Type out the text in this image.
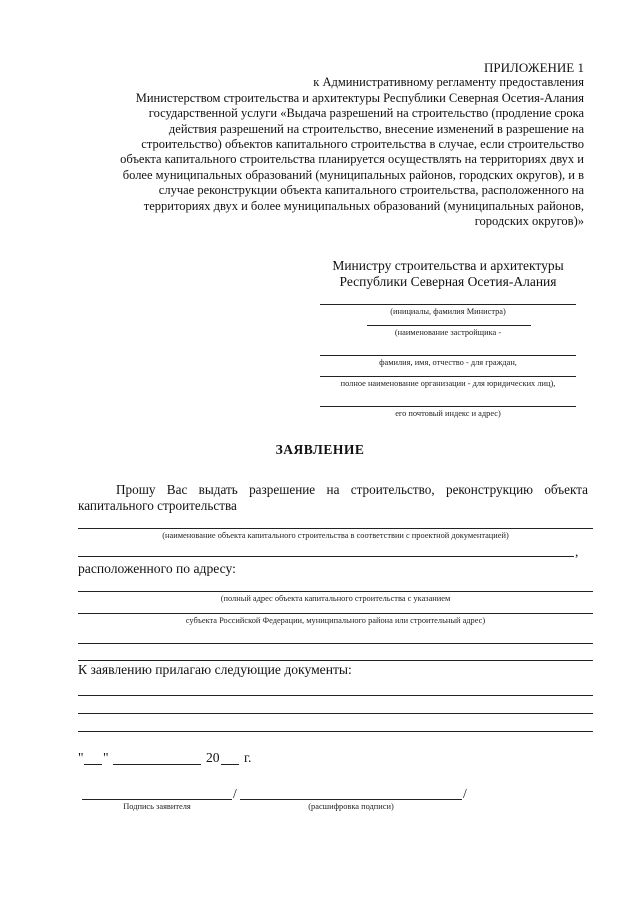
ПРИЛОЖЕНИЕ 1
к Административному регламенту предоставления
Министерством строительства и архитектуры Республики Северная Осетия-Алания
государственной услуги «Выдача разрешений на строительство (продление срока
действия разрешений на строительство, внесение изменений в разрешение на
строительство) объектов капитального строительства в случае, если строительство
объекта капитального строительства планируется осуществлять на территориях двух и
более муниципальных образований (муниципальных районов, городских округов), и в
случае реконструкции объекта капитального строительства, расположенного на
территориях двух и более муниципальных образований (муниципальных районов,
городских округов)»
Министру строительства и архитектуры
Республики Северная Осетия-Алания
(инициалы, фамилия Министра)
(наименование застройщика -
фамилия, имя, отчество - для граждан,
полное наименование организации - для юридических лиц),
его почтовый индекс и адрес)
ЗАЯВЛЕНИЕ
Прошу Вас выдать разрешение на строительство, реконструкцию объекта капитального строительства
(наименование объекта капитального строительства в соответствии с проектной документацией)
,
расположенного по адресу:
(полный адрес объекта капитального строительства с указанием
субъекта Российской Федерации, муниципального района или строительный адрес)
К заявлению прилагаю следующие документы:
" "	20 г.
/	/
Подпись заявителя	(расшифровка подписи)
